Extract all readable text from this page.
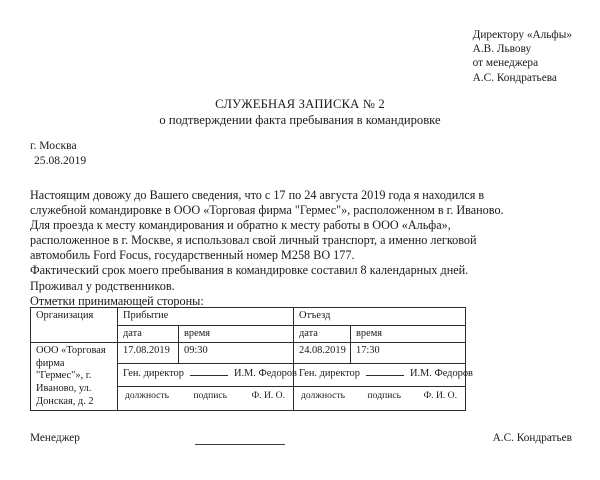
Директору «Альфы»
А.В. Львову
от менеджера
А.С. Кондратьева
СЛУЖЕБНАЯ ЗАПИСКА № 2
о подтверждении факта пребывания в командировке
г. Москва
25.08.2019

Настоящим довожу до Вашего сведения, что с 17 по 24 августа 2019 года я находился в

служебной командировке в ООО «Торговая фирма "Гермес"», расположенном в г. Иваново.

Для проезда к месту командирования и обратно к месту работы в ООО «Альфа»,

расположенное в г. Москве, я использовал свой личный транспорт, а именно легковой

автомобиль Ford Focus, государственный номер М258 ВО 177.

Фактический срок моего пребывания в командировке составил 8 календарных дней.

Проживал у родственников.

Отметки принимающей стороны:

Организация	Прибытие		Отъезд	
	дата	время	дата	время
ООО «Торговая фирма "Гермес"», г. Иваново, ул. Донская, д. 2	17.08.2019	09:30	24.08.2019	17:30

	Ген. директор И.М. Федоров		Ген. директор И.М. Федоров	

	должность подпись Ф. И. О.		должность подпись Ф. И. О.	
Менеджер	А.С. Кондратьев
